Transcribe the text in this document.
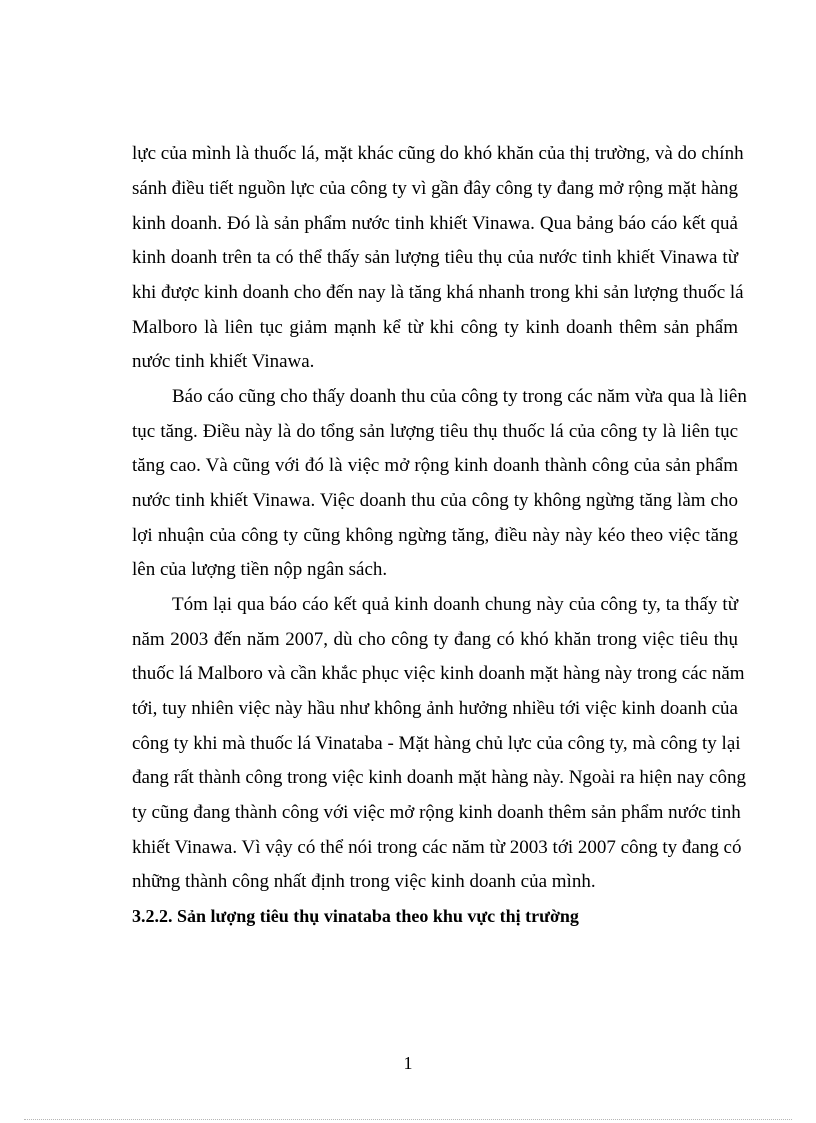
lực của mình là thuốc lá, mặt khác cũng do khó khăn của thị trường, và do chính
sánh điều tiết nguồn lực của công ty vì gần đây công ty đang mở rộng mặt hàng
kinh doanh. Đó là sản phẩm nước tinh khiết Vinawa. Qua bảng báo cáo kết quả
kinh doanh trên ta có thể thấy sản lượng tiêu thụ của nước tinh khiết Vinawa từ
khi được kinh doanh cho đến nay là tăng khá nhanh trong khi sản lượng thuốc lá
Malboro là liên tục giảm mạnh kể từ khi công ty kinh doanh thêm sản phẩm
nước tinh khiết Vinawa.
Báo cáo cũng cho thấy doanh thu của công ty trong các năm vừa qua là liên
tục tăng. Điều này là do tổng sản lượng tiêu thụ thuốc lá của công ty là liên tục
tăng cao. Và cũng với đó là việc mở rộng kinh doanh thành công của sản phẩm
nước tinh khiết Vinawa. Việc doanh thu của công ty không ngừng tăng làm cho
lợi nhuận của công ty cũng không ngừng tăng, điều này này kéo theo việc tăng
lên của lượng tiền nộp ngân sách.
Tóm lại qua báo cáo kết quả kinh doanh chung này của công ty, ta thấy từ
năm 2003 đến năm 2007, dù cho công ty đang có khó khăn trong việc tiêu thụ
thuốc lá Malboro và cần khắc phục việc kinh doanh mặt hàng này trong các năm
tới, tuy nhiên việc này hầu như không ảnh hưởng nhiều tới việc kinh doanh của
công ty khi mà thuốc lá Vinataba - Mặt hàng chủ lực của công ty, mà công ty lại
đang rất thành công trong việc kinh doanh mặt hàng này. Ngoài ra hiện nay công
ty cũng đang thành công với việc mở rộng kinh doanh thêm sản phẩm nước tinh
khiết Vinawa. Vì vậy có thể nói trong các năm từ 2003 tới 2007 công ty đang có
những thành công nhất định trong việc kinh doanh của mình.
3.2.2. Sản lượng tiêu thụ vinataba theo khu vực thị trường
1
